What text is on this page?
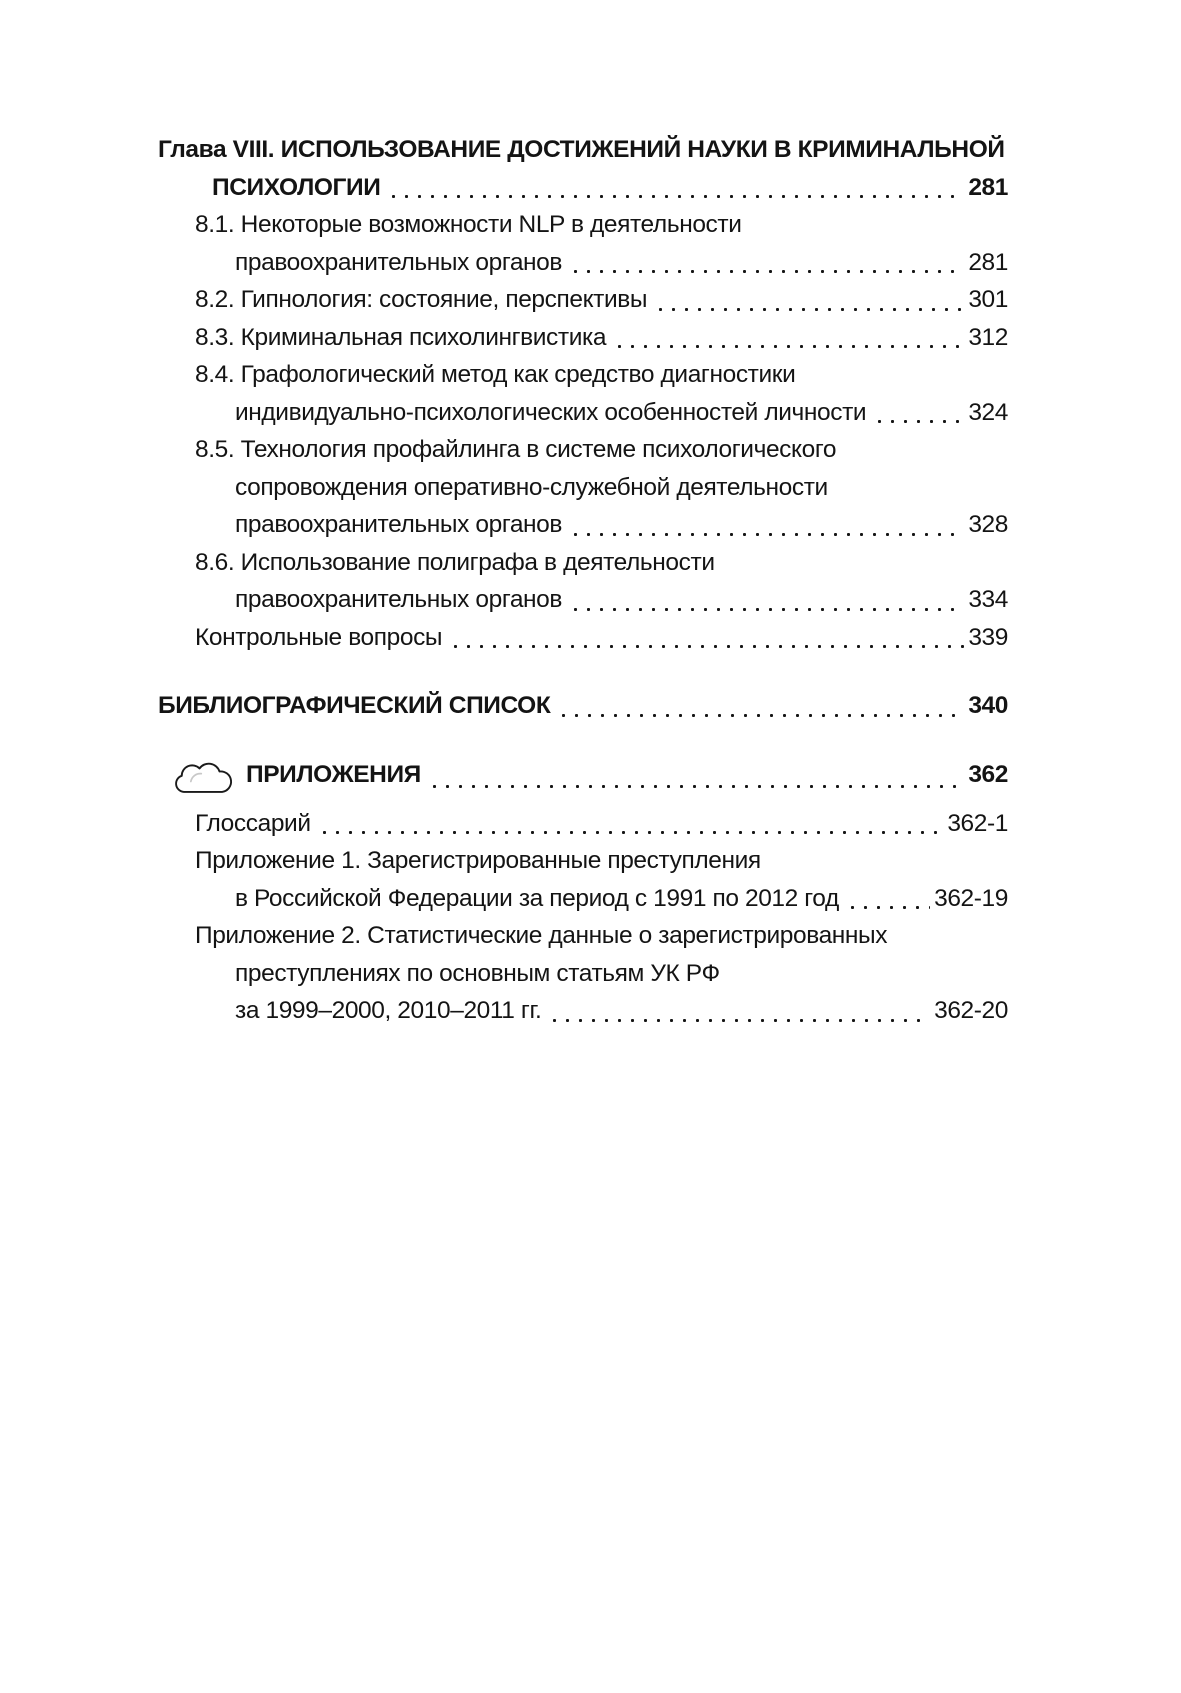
Глава VIII. ИСПОЛЬЗОВАНИЕ ДОСТИЖЕНИЙ НАУКИ В КРИМИНАЛЬНОЙ
ПСИХОЛОГИИ	281
8.1. Некоторые возможности NLP в деятельности
правоохранительных органов	281
8.2. Гипнология: состояние, перспективы	301
8.3. Криминальная психолингвистика	312
8.4. Графологический метод как средство диагностики
индивидуально-психологических особенностей личности	324
8.5. Технология профайлинга в системе психологического
сопровождения оперативно-служебной деятельности
правоохранительных органов	328
8.6. Использование полиграфа в деятельности
правоохранительных органов	334
Контрольные вопросы	339
БИБЛИОГРАФИЧЕСКИЙ СПИСОК	340
ПРИЛОЖЕНИЯ	362
Глоссарий	362-1
Приложение 1. Зарегистрированные преступления
в Российской Федерации за период с 1991 по 2012 год	362-19
Приложение 2. Статистические данные о зарегистрированных
преступлениях по основным статьям УК РФ
за 1999–2000, 2010–2011 гг.	362-20
